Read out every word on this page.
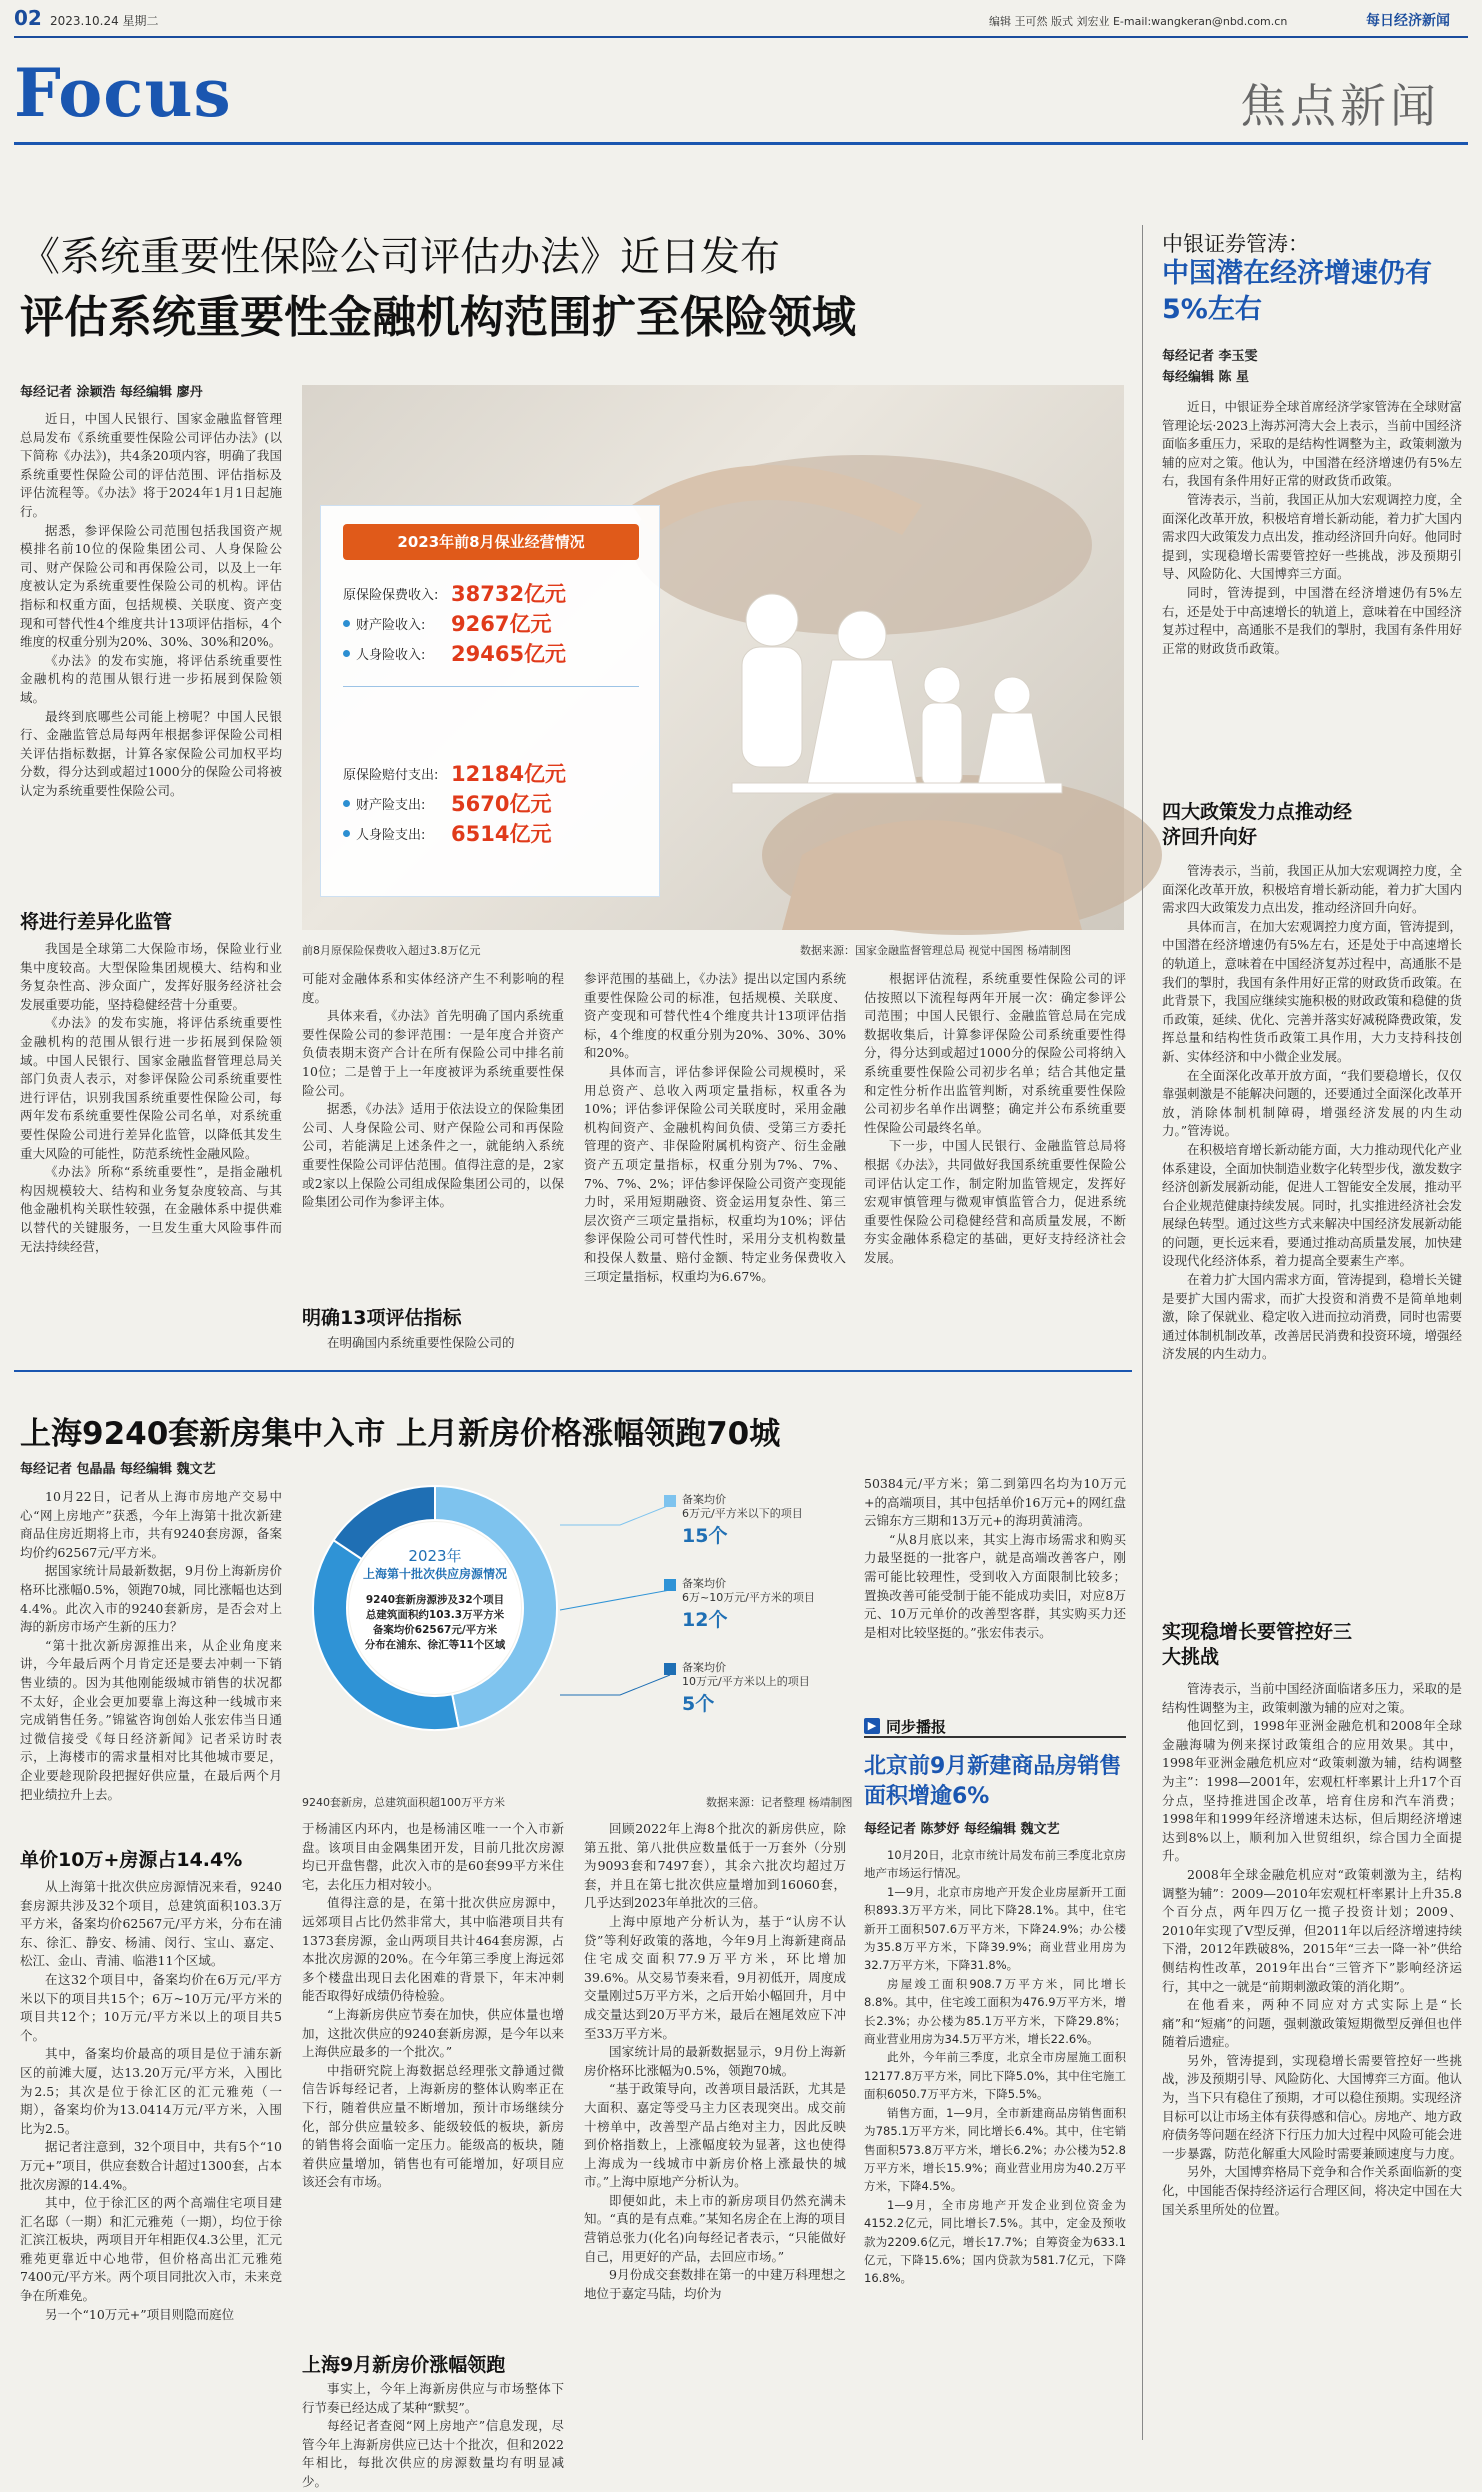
02 2023.10.24 星期二	编辑 王可然 版式 刘宏业 E-mail:wangkeran@nbd.com.cn	每日经济新闻
Focus	焦点新闻
《系统重要性保险公司评估办法》近日发布
评估系统重要性金融机构范围扩至保险领域
每经记者 涂颖浩 每经编辑 廖丹

近日，中国人民银行、国家金融监督管理总局发布《系统重要性保险公司评估办法》(以下简称《办法》)，共4条20项内容，明确了我国系统重要性保险公司的评估范围、评估指标及评估流程等。《办法》将于2024年1月1日起施行。

据悉，参评保险公司范围包括我国资产规模排名前10位的保险集团公司、人身保险公司、财产保险公司和再保险公司，以及上一年度被认定为系统重要性保险公司的机构。评估指标和权重方面，包括规模、关联度、资产变现和可替代性4个维度共计13项评估指标，4个维度的权重分别为20%、30%、30%和20%。

《办法》的发布实施，将评估系统重要性金融机构的范围从银行进一步拓展到保险领域。

最终到底哪些公司能上榜呢？中国人民银行、金融监管总局每两年根据参评保险公司相关评估指标数据，计算各家保险公司加权平均分数，得分达到或超过1000分的保险公司将被认定为系统重要性保险公司。

将进行差异化监管

我国是全球第二大保险市场，保险业行业集中度较高。大型保险集团规模大、结构和业务复杂性高、涉众面广，发挥好服务经济社会发展重要功能，坚持稳健经营十分重要。

《办法》的发布实施，将评估系统重要性金融机构的范围从银行进一步拓展到保险领域。中国人民银行、国家金融监督管理总局关部门负责人表示，对参评保险公司系统重要性进行评估，识别我国系统重要性保险公司，每两年发布系统重要性保险公司名单，对系统重要性保险公司进行差异化监管，以降低其发生重大风险的可能性，防范系统性金融风险。

《办法》所称“系统重要性”，是指金融机构因规模较大、结构和业务复杂度较高、与其他金融机构关联性较强，在金融体系中提供难以替代的关键服务，一旦发生重大风险事件而无法持续经营，

2023年前8月保业经营情况
原保险保费收入: 38732亿元
财产险收入:	9267亿元
人身险收入:	29465亿元
原保险赔付支出: 12184亿元
财产险支出:	5670亿元
人身险支出:	6514亿元
前8月原保险保费收入超过3.8万亿元	数据来源：国家金融监督管理总局 视觉中国图 杨靖制图

可能对金融体系和实体经济产生不利影响的程度。

具体来看，《办法》首先明确了国内系统重要性保险公司的参评范围：一是年度合并资产负债表期末资产合计在所有保险公司中排名前10位；二是曾于上一年度被评为系统重要性保险公司。

据悉，《办法》适用于依法设立的保险集团公司、人身保险公司、财产保险公司和再保险公司，若能满足上述条件之一，就能纳入系统重要性保险公司评估范围。值得注意的是，2家或2家以上保险公司组成保险集团公司的，以保险集团公司作为参评主体。

明确13项评估指标

在明确国内系统重要性保险公司的

参评范围的基础上，《办法》提出以定国内系统重要性保险公司的标准，包括规模、关联度、资产变现和可替代性4个维度共计13项评估指标，4个维度的权重分别为20%、30%、30%和20%。

具体而言，评估参评保险公司规模时，采用总资产、总收入两项定量指标，权重各为10%；评估参评保险公司关联度时，采用金融机构间资产、金融机构间负债、受第三方委托管理的资产、非保险附属机构资产、衍生金融资产五项定量指标，权重分别为7%、7%、7%、7%、2%；评估参评保险公司资产变现能力时，采用短期融资、资金运用复杂性、第三层次资产三项定量指标，权重均为10%；评估参评保险公司可替代性时，采用分支机构数量和投保人数量、赔付金额、特定业务保费收入三项定量指标，权重均为6.67%。

根据评估流程，系统重要性保险公司的评估按照以下流程每两年开展一次：确定参评公司范围；中国人民银行、金融监管总局在完成数据收集后，计算参评保险公司系统重要性得分，得分达到或超过1000分的保险公司将纳入系统重要性保险公司初步名单；结合其他定量和定性分析作出监管判断，对系统重要性保险公司初步名单作出调整；确定并公布系统重要性保险公司最终名单。

下一步，中国人民银行、金融监管总局将根据《办法》，共同做好我国系统重要性保险公司评估认定工作，制定附加监管规定，发挥好宏观审慎管理与微观审慎监管合力，促进系统重要性保险公司稳健经营和高质量发展，不断夯实金融体系稳定的基础，更好支持经济社会发展。

上海9240套新房集中入市 上月新房价格涨幅领跑70城
每经记者 包晶晶 每经编辑 魏文艺

10月22日，记者从上海市房地产交易中心“网上房地产”获悉，今年上海第十批次新建商品住房近期将上市，共有9240套房源，备案均价约62567元/平方米。

据国家统计局最新数据，9月份上海新房价格环比涨幅0.5%，领跑70城，同比涨幅也达到4.4%。此次入市的9240套新房，是否会对上海的新房市场产生新的压力？

“第十批次新房源推出来，从企业角度来讲，今年最后两个月肯定还是要去冲刺一下销售业绩的。因为其他刚能级城市销售的状况都不太好，企业会更加要靠上海这种一线城市来完成销售任务。”锦鲨咨询创始人张宏伟当日通过微信接受《每日经济新闻》记者采访时表示，上海楼市的需求量相对比其他城市要足，企业要趁现阶段把握好供应量，在最后两个月把业绩拉升上去。

单价10万+房源占14.4%

从上海第十批次供应房源情况来看，9240套房源共涉及32个项目，总建筑面积103.3万平方米，备案均价62567元/平方米，分布在浦东、徐汇、静安、杨浦、闵行、宝山、嘉定、松江、金山、青浦、临港11个区域。

在这32个项目中，备案均价在6万元/平方米以下的项目共15个；6万~10万元/平方米的项目共12个；10万元/平方米以上的项目共5个。

其中，备案均价最高的项目是位于浦东新区的前滩大厦，达13.20万元/平方米，入围比为2.5；其次是位于徐汇区的汇元雅苑（一期），备案均价为13.0414万元/平方米，入围比为2.5。

据记者注意到，32个项目中，共有5个“10万元+”项目，供应套数合计超过1300套，占本批次房源的14.4%。

其中，位于徐汇区的两个高端住宅项目建汇名邸（一期）和汇元雅苑（一期），均位于徐汇滨江板块，两项目开年相距仅4.3公里，汇元雅苑更靠近中心地带，但价格高出汇元雅苑7400元/平方米。两个项目同批次入市，未来竞争在所难免。

另一个“10万元+”项目则隐而庭位

2023年
上海第十批次供应房源情况
9240套新房源涉及32个项目
总建筑面积约103.3万平方米
备案均价62567元/平方米
分布在浦东、徐汇等11个区域
备案均价
6万元/平方米以下的项目
15个
备案均价
6万~10万元/平方米的项目
12个
备案均价
10万元/平方米以上的项目
5个
9240套新房，总建筑面积超100万平方米	数据来源：记者整理 杨靖制图

于杨浦区内环内，也是杨浦区唯一一个入市新盘。该项目由金隅集团开发，目前几批次房源均已开盘售罄，此次入市的是60套99平方米住宅，去化压力相对较小。

值得注意的是，在第十批次供应房源中，远郊项目占比仍然非常大，其中临港项目共有1373套房源，金山两项目共计464套房源，占本批次房源的20%。在今年第三季度上海远郊多个楼盘出现日去化困难的背景下，年末冲刺能否取得好成绩仍待检验。

“上海新房供应节奏在加快，供应体量也增加，这批次供应的9240套新房源，是今年以来上海供应最多的一个批次。”

中指研究院上海数据总经理张文静通过微信告诉每经记者，上海新房的整体认购率正在下行，随着供应量不断增加，预计市场继续分化，部分供应量较多、能级较低的板块，新房的销售将会面临一定压力。能级高的板块，随着供应量增加，销售也有可能增加，好项目应该还会有市场。

上海9月新房价涨幅领跑

事实上，今年上海新房供应与市场整体下行节奏已经达成了某种“默契”。

每经记者查阅“网上房地产”信息发现，尽管今年上海新房供应已达十个批次，但和2022年相比，每批次供应的房源数量均有明显减少。

回顾2022年上海8个批次的新房供应，除第五批、第八批供应数量低于一万套外（分别为9093套和7497套），其余六批次均超过万套，并且在第七批次供应量增加到16060套，几乎达到2023年单批次的三倍。

上海中原地产分析认为，基于“认房不认贷”等利好政策的落地，今年9月上海新建商品住宅成交面积77.9万平方米，环比增加39.6%。从交易节奏来看，9月初低开，周度成交量刚过5万平方米，之后开始小幅回升，月中成交量达到20万平方米，最后在翘尾效应下冲至33万平方米。

国家统计局的最新数据显示，9月份上海新房价格环比涨幅为0.5%，领跑70城。

“基于政策导向，改善项目最活跃，尤其是大面积、嘉定等受马主力区表现突出。成交前十榜单中，改善型产品占绝对主力，因此反映到价格指数上，上涨幅度较为显著，这也使得上海成为一线城市中新房价格上涨最快的城市。”上海中原地产分析认为。

即便如此，未上市的新房项目仍然充满未知。“真的是有点难。”某知名房企在上海的项目营销总张力(化名)向每经记者表示，“只能做好自己，用更好的产品，去回应市场。”

9月份成交套数排在第一的中建万科理想之地位于嘉定马陆，均价为

50384元/平方米；第二到第四名均为10万元+的高端项目，其中包括单价16万元+的网红盘云锦东方三期和13万元+的海玥黄浦湾。

“从8月底以来，其实上海市场需求和购买力最坚挺的一批客户，就是高端改善客户，刚需可能比较理性，受到收入方面限制比较多；置换改善可能受制于能不能成功卖旧，对应8万元、10万元单价的改善型客群，其实购买力还是相对比较坚挺的。”张宏伟表示。

▶ 同步播报
北京前9月新建商品房销售面积增逾6%
每经记者 陈梦妤 每经编辑 魏文艺

10月20日，北京市统计局发布前三季度北京房地产市场运行情况。

1—9月，北京市房地产开发企业房屋新开工面积893.3万平方米，同比下降28.1%。其中，住宅新开工面积507.6万平方米，下降24.9%；办公楼为35.8万平方米，下降39.9%；商业营业用房为32.7万平方米，下降31.8%。

房屋竣工面积908.7万平方米，同比增长8.8%。其中，住宅竣工面积为476.9万平方米，增长2.3%；办公楼为85.1万平方米，下降29.8%；商业营业用房为34.5万平方米，增长22.6%。

此外，今年前三季度，北京全市房屋施工面积12177.8万平方米，同比下降5.0%，其中住宅施工面积6050.7万平方米，下降5.5%。

销售方面，1—9月，全市新建商品房销售面积为785.1万平方米，同比增长6.4%。其中，住宅销售面积573.8万平方米，增长6.2%；办公楼为52.8万平方米，增长15.9%；商业营业用房为40.2万平方米，下降4.5%。

1—9月，全市房地产开发企业到位资金为4152.2亿元，同比增长7.5%。其中，定金及预收款为2209.6亿元，增长17.7%；自筹资金为633.1亿元，下降15.6%；国内贷款为581.7亿元，下降16.8%。

中银证券管涛：
中国潜在经济增速仍有5%左右
每经记者 李玉雯
每经编辑 陈 星

近日，中银证券全球首席经济学家管涛在全球财富管理论坛·2023上海苏河湾大会上表示，当前中国经济面临多重压力，采取的是结构性调整为主，政策刺激为辅的应对之策。他认为，中国潜在经济增速仍有5%左右，我国有条件用好正常的财政货币政策。

管涛表示，当前，我国正从加大宏观调控力度，全面深化改革开放，积极培育增长新动能，着力扩大国内需求四大政策发力点出发，推动经济回升向好。他同时提到，实现稳增长需要管控好一些挑战，涉及预期引导、风险防化、大国博弈三方面。

同时，管涛提到，中国潜在经济增速仍有5%左右，还是处于中高速增长的轨道上，意味着在中国经济复苏过程中，高通胀不是我们的掣肘，我国有条件用好正常的财政货币政策。

四大政策发力点推动经济回升向好

管涛表示，当前，我国正从加大宏观调控力度，全面深化改革开放，积极培育增长新动能，着力扩大国内需求四大政策发力点出发，推动经济回升向好。

具体而言，在加大宏观调控力度方面，管涛提到，中国潜在经济增速仍有5%左右，还是处于中高速增长的轨道上，意味着在中国经济复苏过程中，高通胀不是我们的掣肘，我国有条件用好正常的财政货币政策。在此背景下，我国应继续实施积极的财政政策和稳健的货币政策，延续、优化、完善并落实好减税降费政策，发挥总量和结构性货币政策工具作用，大力支持科技创新、实体经济和中小微企业发展。

在全面深化改革开放方面，“我们要稳增长，仅仅靠强刺激是不能解决问题的，还要通过全面深化改革开放，消除体制机制障碍，增强经济发展的内生动力。”管涛说。

在积极培育增长新动能方面，大力推动现代化产业体系建设，全面加快制造业数字化转型步伐，激发数字经济创新发展新动能，促进人工智能安全发展，推动平台企业规范健康持续发展。同时，扎实推进经济社会发展绿色转型。通过这些方式来解决中国经济发展新动能的问题，更长远来看，要通过推动高质量发展，加快建设现代化经济体系，着力提高全要素生产率。

在着力扩大国内需求方面，管涛提到，稳增长关键是要扩大国内需求，而扩大投资和消费不是简单地刺激，除了保就业、稳定收入进而拉动消费，同时也需要通过体制机制改革，改善居民消费和投资环境，增强经济发展的内生动力。

实现稳增长要管控好三大挑战

管涛表示，当前中国经济面临诸多压力，采取的是结构性调整为主，政策刺激为辅的应对之策。

他回忆到，1998年亚洲金融危机和2008年全球金融海啸为例来探讨政策组合的应用效果。其中，1998年亚洲金融危机应对“政策刺激为辅，结构调整为主”：1998—2001年，宏观杠杆率累计上升17个百分点，坚持推进国企改革，培育住房和汽车消费；1998年和1999年经济增速未达标，但后期经济增速达到8%以上，顺利加入世贸组织，综合国力全面提升。

2008年全球金融危机应对“政策刺激为主，结构调整为辅”：2009—2010年宏观杠杆率累计上升35.8个百分点，两年四万亿一揽子投资计划；2009、2010年实现了V型反弹，但2011年以后经济增速持续下滑，2012年跌破8%，2015年“三去一降一补”供给侧结构性改革，2019年出台“三管齐下”影响经济运行，其中之一就是“前期刺激政策的消化期”。

在他看来，两种不同应对方式实际上是“长痛”和“短痛”的问题，强刺激政策短期微型反弹但也伴随着后遗症。

另外，管涛提到，实现稳增长需要管控好一些挑战，涉及预期引导、风险防化、大国博弈三方面。他认为，当下只有稳住了预期，才可以稳住预期。实现经济目标可以让市场主体有获得感和信心。房地产、地方政府债务等问题在经济下行压力加大过程中风险可能会进一步暴露，防范化解重大风险时需要兼顾速度与力度。

另外，大国博弈格局下竞争和合作关系面临新的变化，中国能否保持经济运行合理区间，将决定中国在大国关系里所处的位置。
